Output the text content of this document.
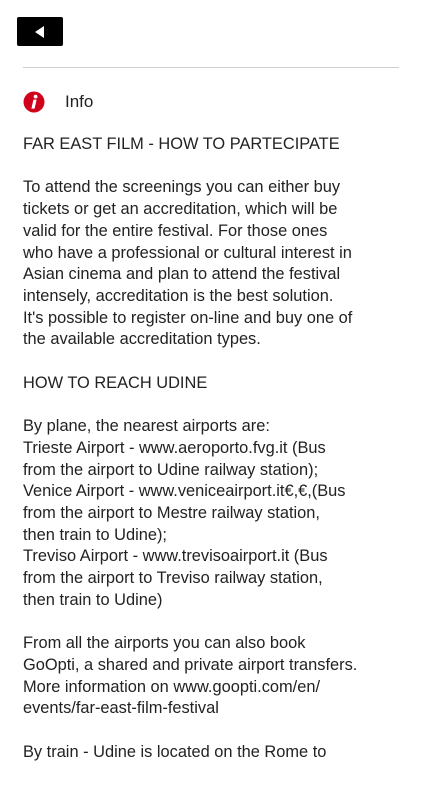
Info

FAR EAST FILM - HOW TO PARTECIPATE

To attend the screenings you can either buy
tickets or get an accreditation, which will be
valid for the entire festival. For those ones
who have a professional or cultural interest in
Asian cinema and plan to attend the festival
intensely, accreditation is the best solution.
It's possible to register on-line and buy one of
the available accreditation types.

HOW TO REACH UDINE

By plane, the nearest airports are:
Trieste Airport - www.aeroporto.fvg.it (Bus
from the airport to Udine railway station);
Venice Airport - www.veniceairport.it€,€,(Bus
from the airport to Mestre railway station,
then train to Udine);
Treviso Airport - www.trevisoairport.it (Bus
from the airport to Treviso railway station,
then train to Udine)

From all the airports you can also book
GoOpti, a shared and private airport transfers.
More information on www.goopti.com/en/
events/far-east-film-festival

By train - Udine is located on the Rome to
